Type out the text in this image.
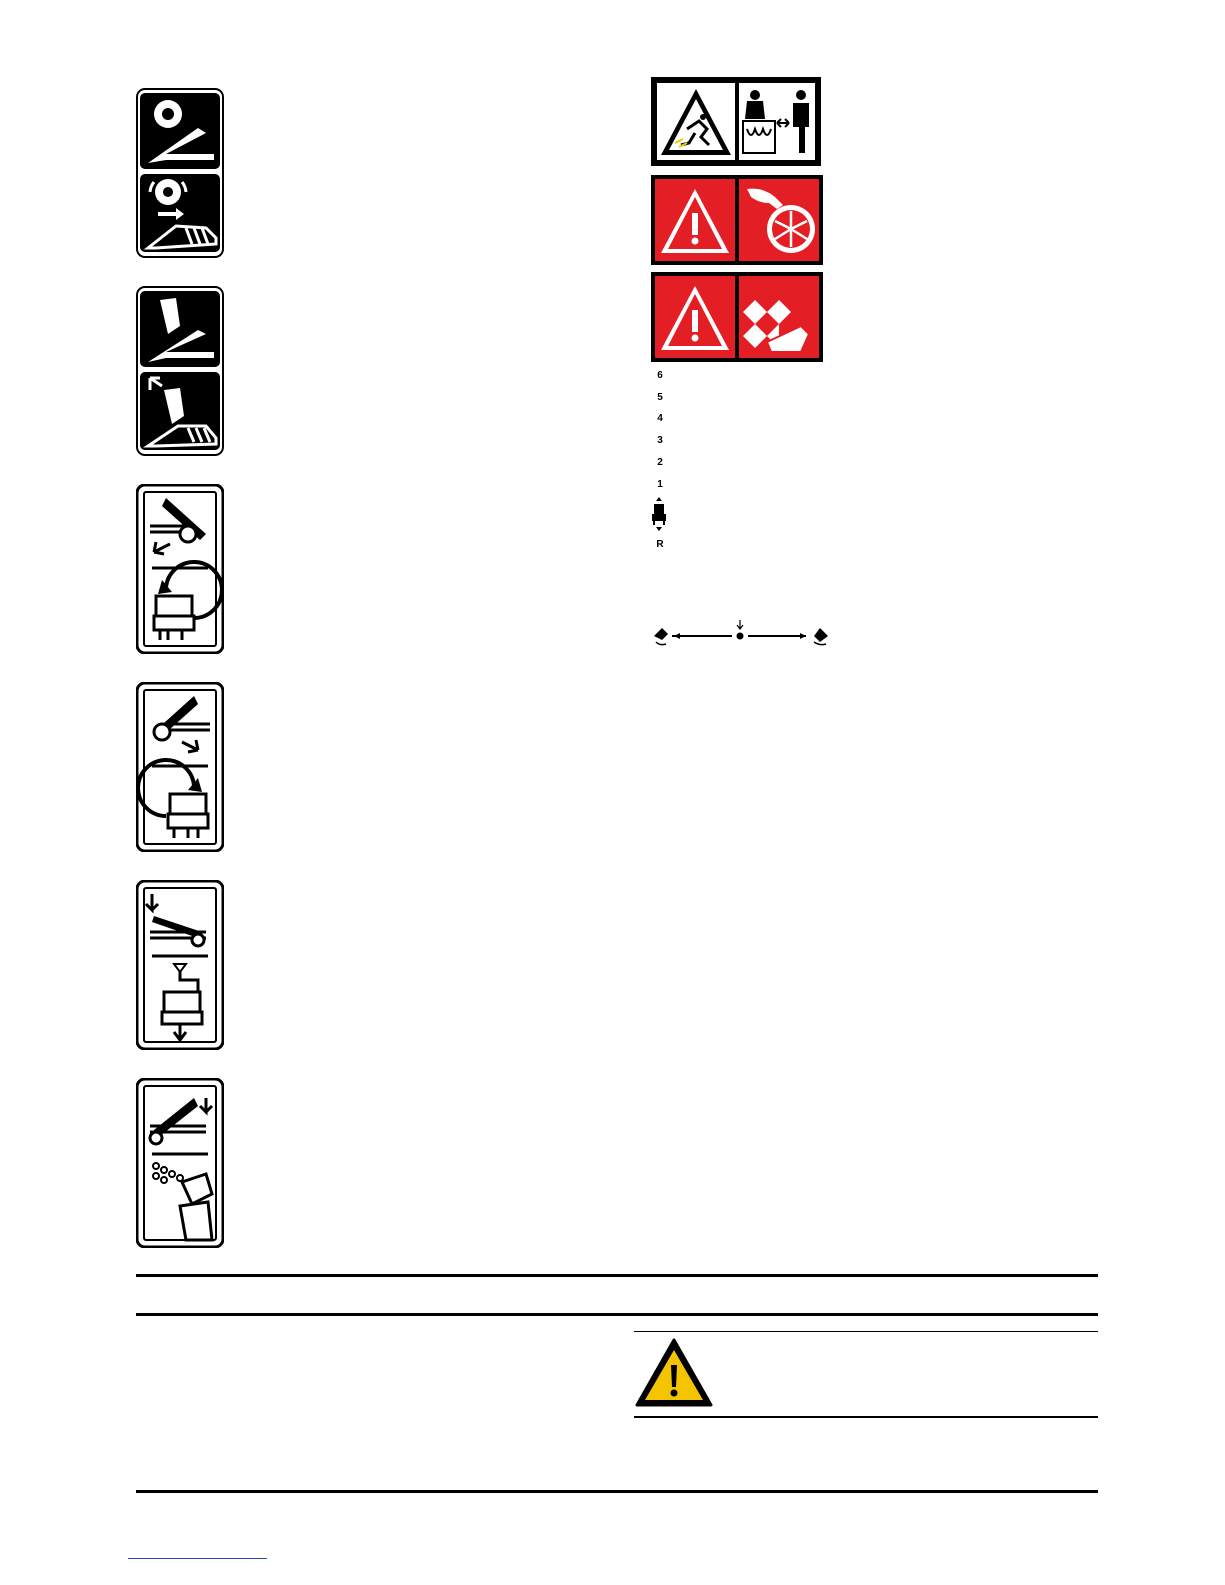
6
5
4
3
2
1
R
